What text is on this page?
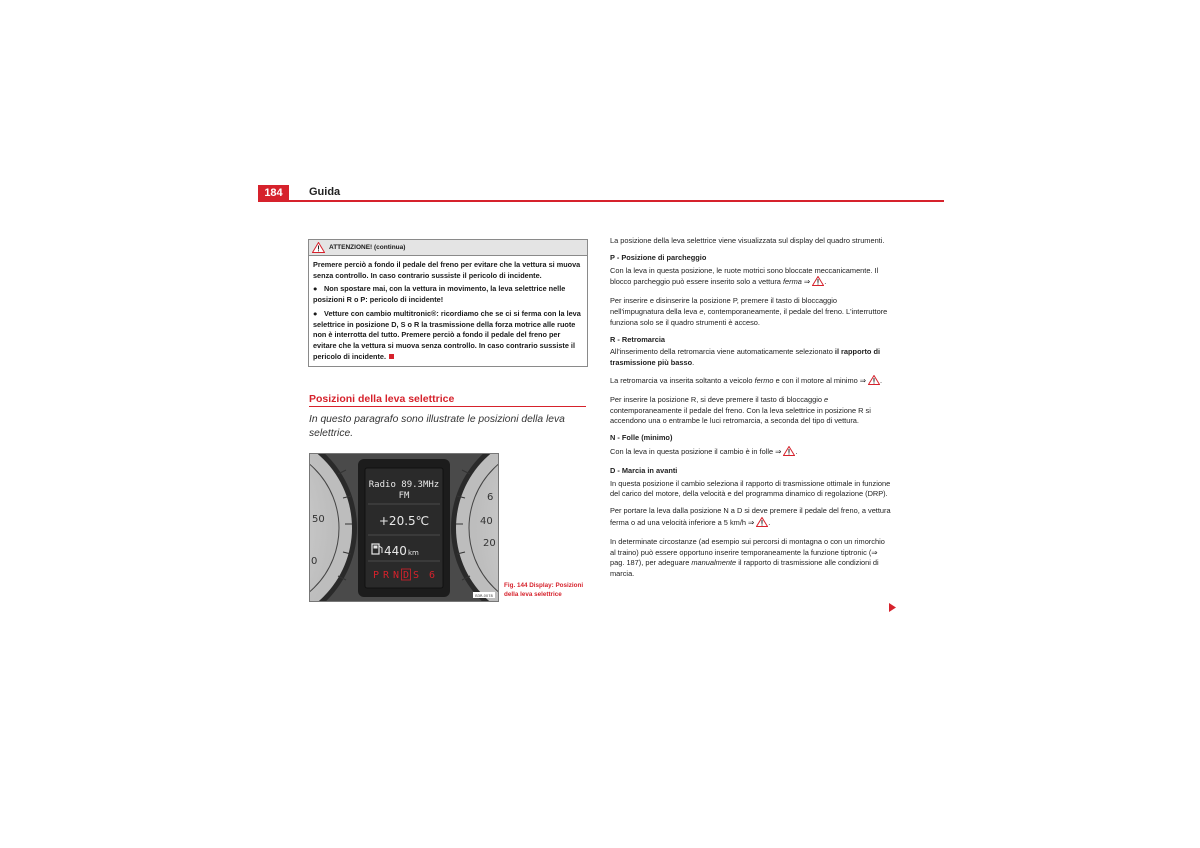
184	Guida
ATTENZIONE! (continua)

Premere perciò a fondo il pedale del freno per evitare che la vettura si muova senza controllo. In caso contrario sussiste il pericolo di incidente.

● Non spostare mai, con la vettura in movimento, la leva selettrice nelle posizioni R o P: pericolo di incidente!

● Vetture con cambio multitronic®: ricordiamo che se ci si ferma con la leva selettrice in posizione D, S o R la trasmissione della forza motrice alle ruote non è interrotta del tutto. Premere perciò a fondo il pedale del freno per evitare che la vettura si muova senza controllo. In caso contrario sussiste il pericolo di incidente.

Posizioni della leva selettrice
In questo paragrafo sono illustrate le posizioni della leva selettrice.
50
0
6
40
20
Radio 89.3MHz
FM
+20.5℃
440 km
P R N D S 6
B3R-0078
Fig. 144 Display: Posizioni della leva selettrice

La posizione della leva selettrice viene visualizzata sul display del quadro strumenti.

P - Posizione di parcheggio

Con la leva in questa posizione, le ruote motrici sono bloccate meccanicamente. Il blocco parcheggio può essere inserito solo a vettura ferma ⇒ .

Per inserire e disinserire la posizione P, premere il tasto di bloccaggio nell'impugnatura della leva e, contemporaneamente, il pedale del freno. L'interruttore funziona solo se il quadro strumenti è acceso.

R - Retromarcia

All'inserimento della retromarcia viene automaticamente selezionato il rapporto di trasmissione più basso.

La retromarcia va inserita soltanto a veicolo fermo e con il motore al minimo ⇒ .

Per inserire la posizione R, si deve premere il tasto di bloccaggio e contemporaneamente il pedale del freno. Con la leva selettrice in posizione R si accendono una o entrambe le luci retromarcia, a seconda del tipo di vettura.

N - Folle (minimo)

Con la leva in questa posizione il cambio è in folle ⇒ .

D - Marcia in avanti

In questa posizione il cambio seleziona il rapporto di trasmissione ottimale in funzione del carico del motore, della velocità e del programma dinamico di regolazione (DRP).

Per portare la leva dalla posizione N a D si deve premere il pedale del freno, a vettura ferma o ad una velocità inferiore a 5 km/h ⇒ .

In determinate circostanze (ad esempio sui percorsi di montagna o con un rimorchio al traino) può essere opportuno inserire temporaneamente la funzione tiptronic (⇒ pag. 187), per adeguare manualmente il rapporto di trasmissione alle condizioni di marcia.
